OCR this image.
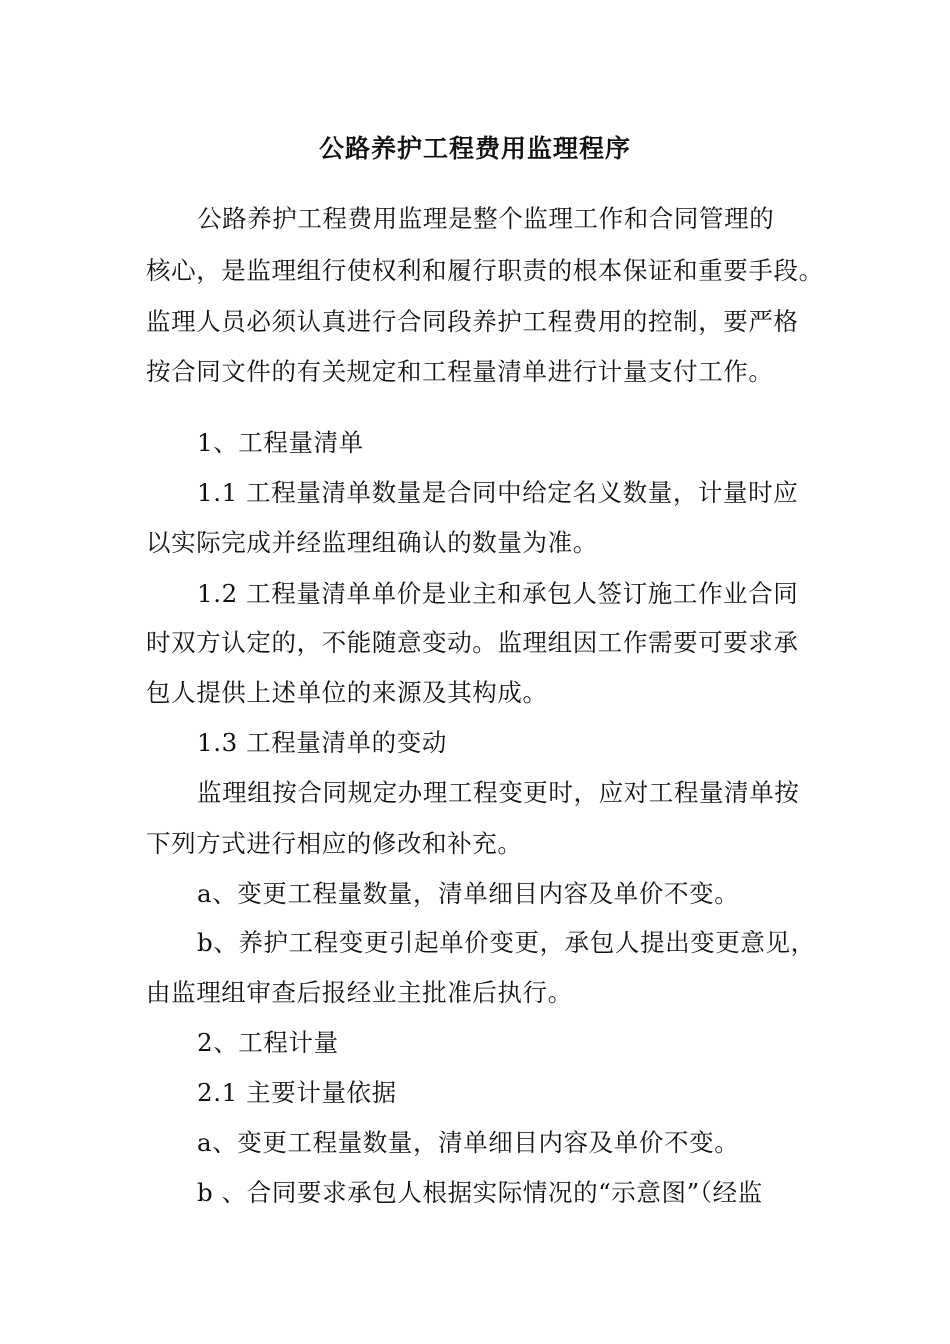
公路养护工程费用监理程序
公路养护工程费用监理是整个监理工作和合同管理的
核心，是监理组行使权利和履行职责的根本保证和重要手段。
监理人员必须认真进行合同段养护工程费用的控制，要严格
按合同文件的有关规定和工程量清单进行计量支付工作。
1、工程量清单
1.1 工程量清单数量是合同中给定名义数量，计量时应
以实际完成并经监理组确认的数量为准。
1.2 工程量清单单价是业主和承包人签订施工作业合同
时双方认定的，不能随意变动。监理组因工作需要可要求承
包人提供上述单位的来源及其构成。
1.3 工程量清单的变动
监理组按合同规定办理工程变更时，应对工程量清单按
下列方式进行相应的修改和补充。
a、变更工程量数量，清单细目内容及单价不变。
b、养护工程变更引起单价变更，承包人提出变更意见，
由监理组审查后报经业主批准后执行。
2、工程计量
2.1 主要计量依据
a、变更工程量数量，清单细目内容及单价不变。
b 、合同要求承包人根据实际情况的“示意图”（经监
